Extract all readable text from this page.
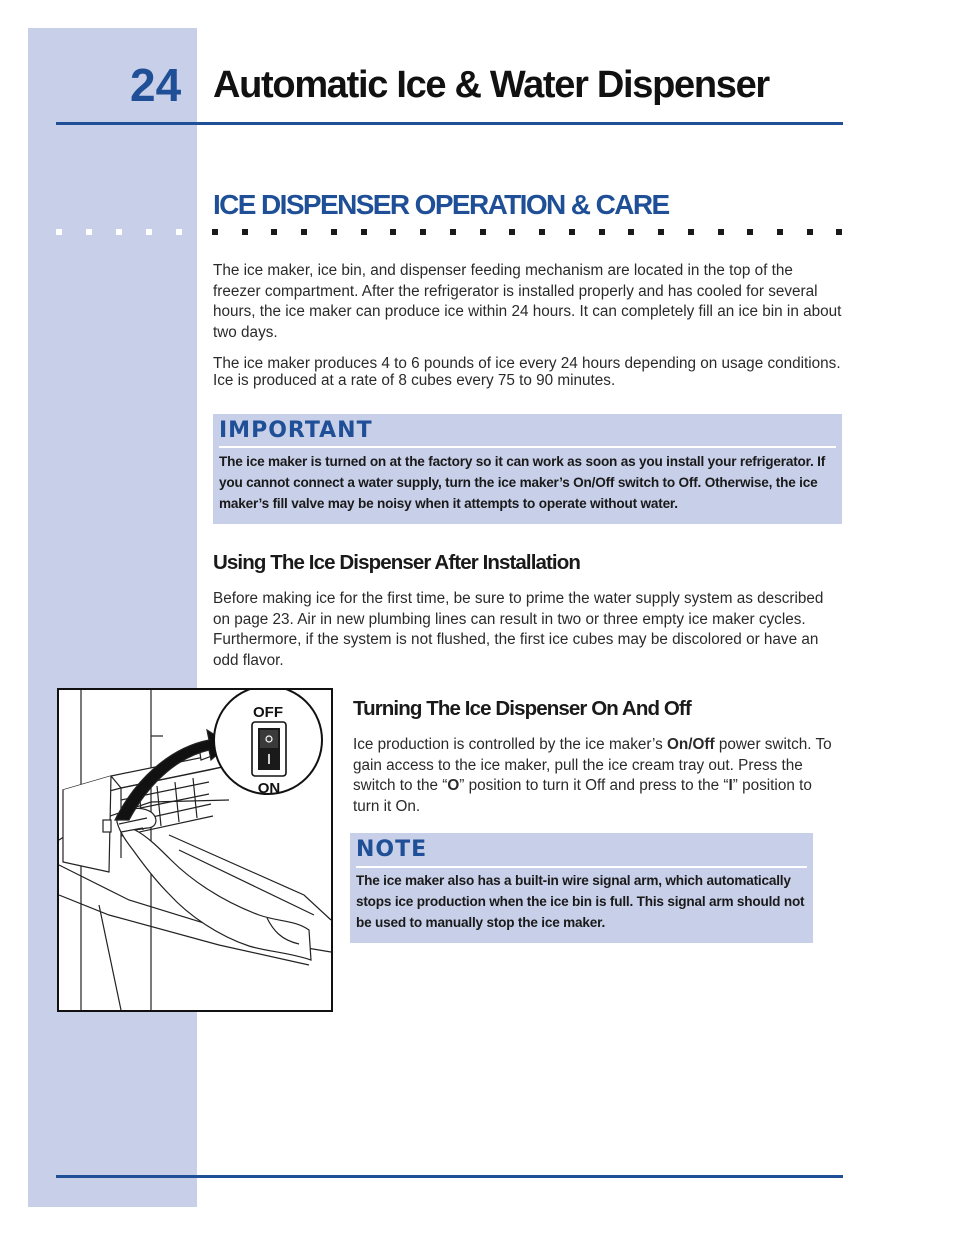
24 Automatic Ice & Water Dispenser
ICE DISPENSER OPERATION & CARE

The ice maker, ice bin, and dispenser feeding mechanism are located in the top of the freezer compartment. After the refrigerator is installed properly and has cooled for several hours, the ice maker can produce ice within 24 hours. It can completely fill an ice bin in about two days.

The ice maker produces 4 to 6 pounds of ice every 24 hours depending on usage conditions. Ice is produced at a rate of 8 cubes every 75 to 90 minutes.

IMPORTANT

The ice maker is turned on at the factory so it can work as soon as you install your refrigerator. If you cannot connect a water supply, turn the ice maker’s On/Off switch to Off. Otherwise, the ice maker’s fill valve may be noisy when it attempts to operate without water.

Using The Ice Dispenser After Installation

Before making ice for the first time, be sure to prime the water supply system as described on page 23. Air in new plumbing lines can result in two or three empty ice maker cycles. Furthermore, if the system is not flushed, the first ice cubes may be discolored or have an odd flavor.

OFF
ON
Turning The Ice Dispenser On And Off

Ice production is controlled by the ice maker’s On/Off power switch. To gain access to the ice maker, pull the ice cream tray out. Press the switch to the “O” position to turn it Off and press to the “I” position to turn it On.

NOTE

The ice maker also has a built-in wire signal arm, which automatically stops ice production when the ice bin is full. This signal arm should not be used to manually stop the ice maker.
